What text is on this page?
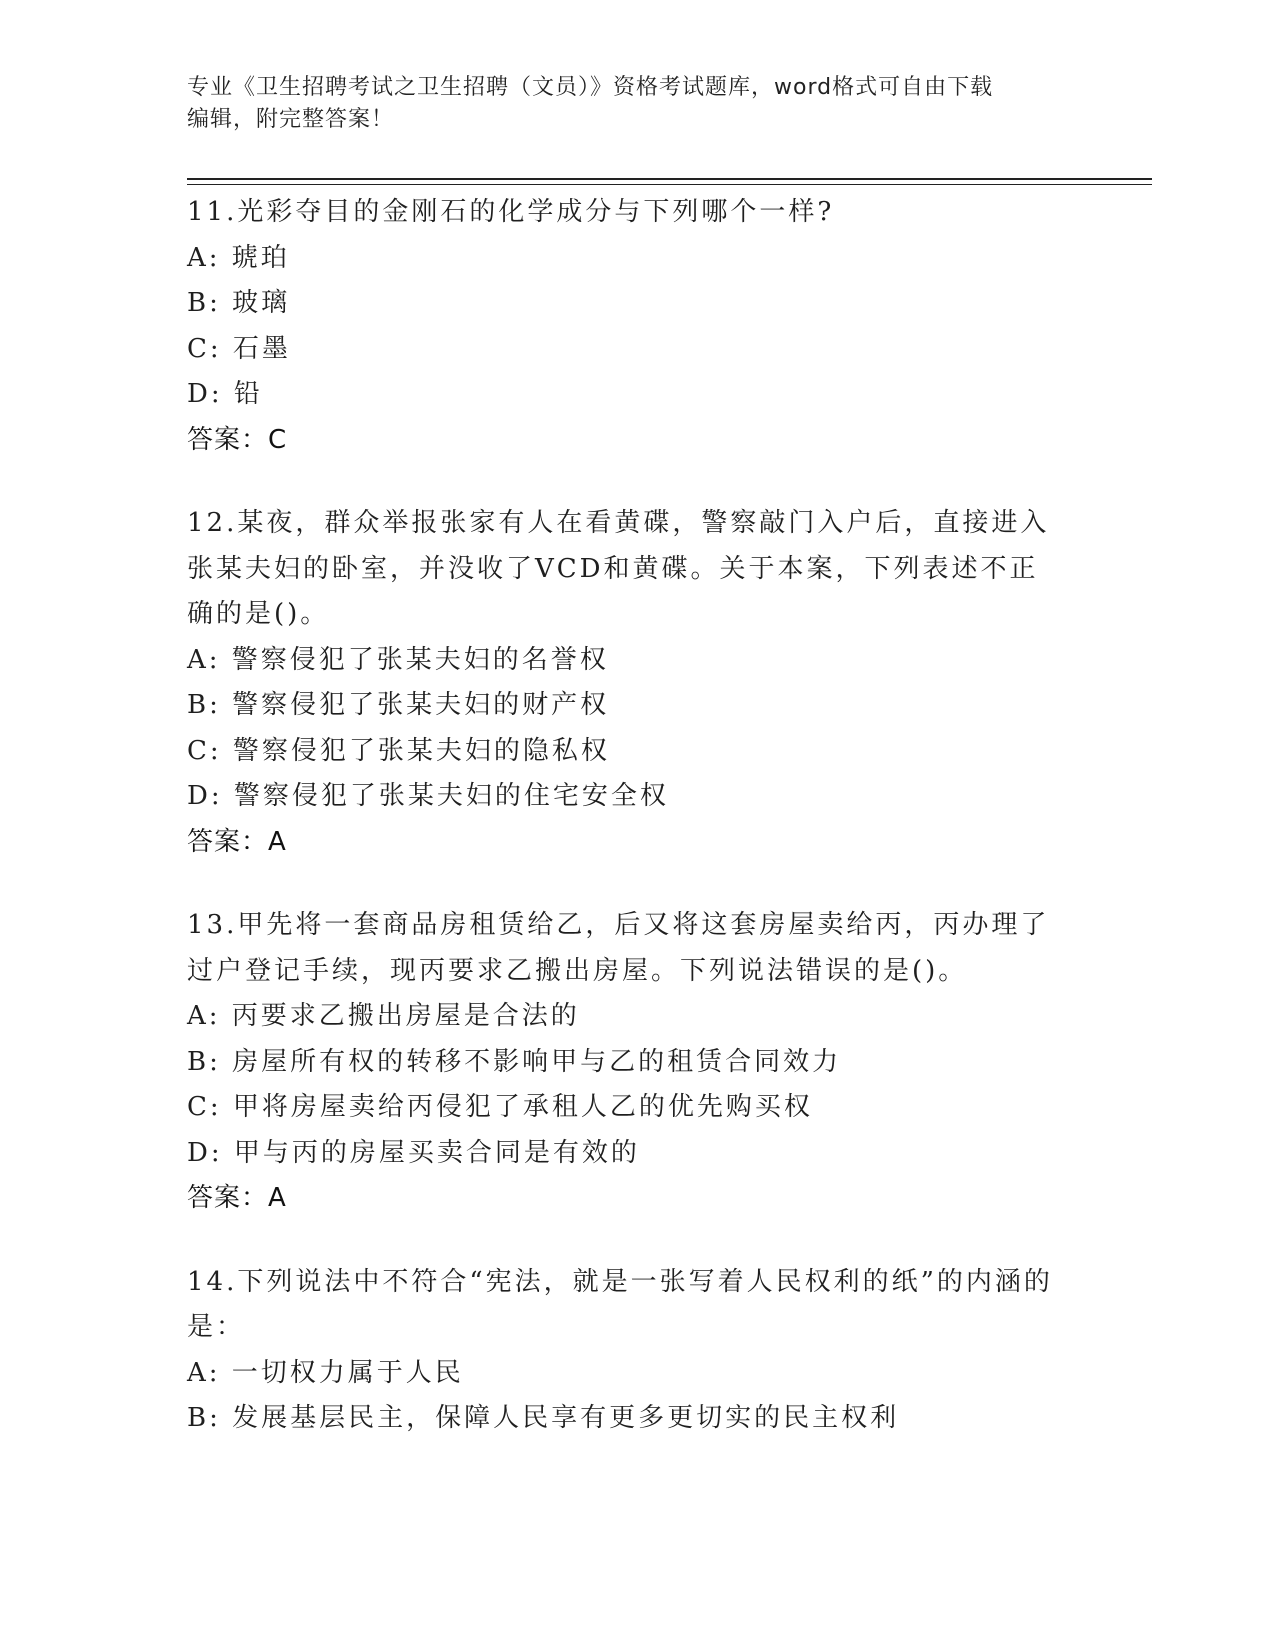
专业《卫生招聘考试之卫生招聘（文员）》资格考试题库，word格式可自由下载
编辑，附完整答案！
11.光彩夺目的金刚石的化学成分与下列哪个一样?
A: 琥珀
B: 玻璃
C: 石墨
D: 铅
答案：C
12.某夜，群众举报张家有人在看黄碟，警察敲门入户后，直接进入张某夫妇的卧室，并没收了VCD和黄碟。关于本案，下列表述不正确的是()。
A: 警察侵犯了张某夫妇的名誉权
B: 警察侵犯了张某夫妇的财产权
C: 警察侵犯了张某夫妇的隐私权
D: 警察侵犯了张某夫妇的住宅安全权
答案：A
13.甲先将一套商品房租赁给乙，后又将这套房屋卖给丙，丙办理了过户登记手续，现丙要求乙搬出房屋。下列说法错误的是()。
A: 丙要求乙搬出房屋是合法的
B: 房屋所有权的转移不影响甲与乙的租赁合同效力
C: 甲将房屋卖给丙侵犯了承租人乙的优先购买权
D: 甲与丙的房屋买卖合同是有效的
答案：A
14.下列说法中不符合“宪法，就是一张写着人民权利的纸”的内涵的是：
A: 一切权力属于人民
B: 发展基层民主，保障人民享有更多更切实的民主权利
